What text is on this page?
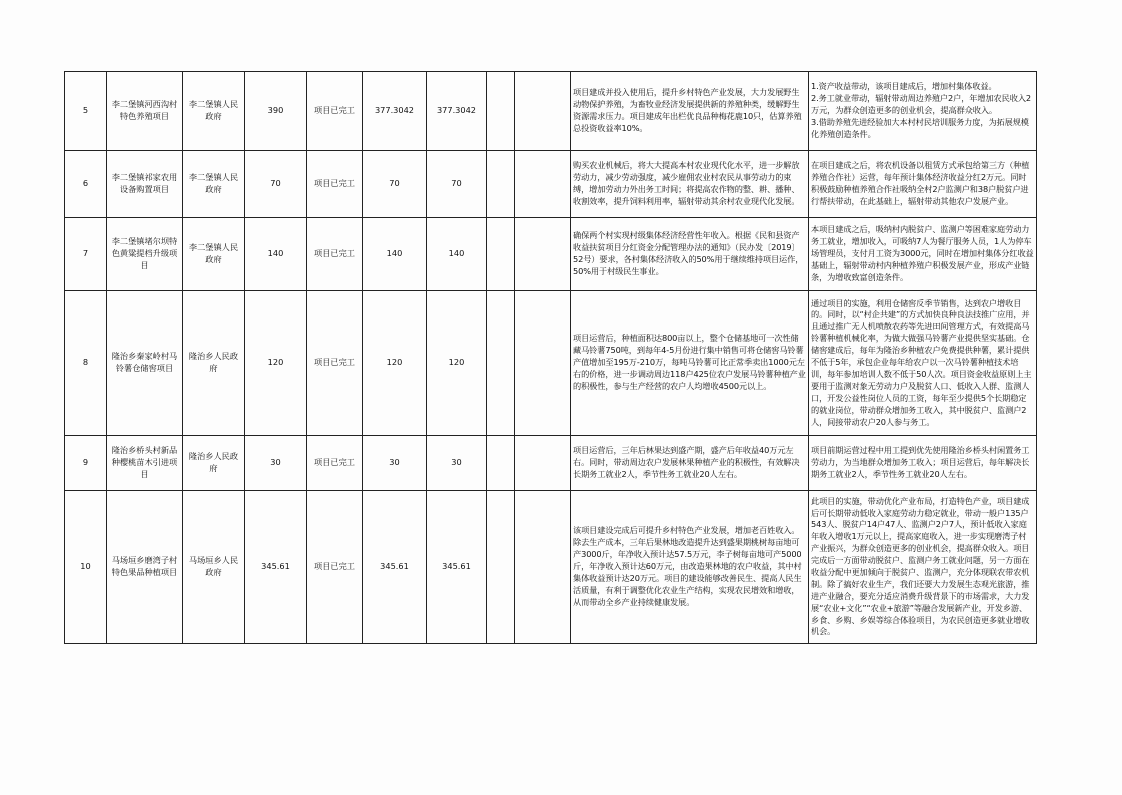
5	李二堡镇河西沟村特色养殖项目	李二堡镇人民政府	390	项目已完工	377.3042	377.3042			项目建成并投入使用后，提升乡村特色产业发展，大力发展野生动物保护养殖，为畜牧业经济发展提供新的养殖种类，缓解野生资源需求压力。项目建成年出栏优良品种梅花鹿10只，估算养殖总投资收益率10%。	1.资产收益带动，该项目建成后，增加村集体收益。
2.务工就业带动，辐射带动周边养殖户2户，年增加农民收入2万元，为群众创造更多的创业机会，提高群众收入。
3.借助养殖先进经验加大本村村民培训服务力度，为拓展规模化养殖创造条件。
6	李二堡镇祁家农用设备购置项目	李二堡镇人民政府	70	项目已完工	70	70			购买农业机械后，将大大提高本村农业现代化水平，进一步解放劳动力，减少劳动强度，减少雇佣农业村农民从事劳动力的束缚，增加劳动力外出务工时间；将提高农作物的整、耕、播种、收割效率，提升饲料利用率，辐射带动其余村农业现代化发展。	在项目建成之后，将农机设备以租赁方式承包给第三方（种植养殖合作社）运营，每年预计集体经济收益分红2万元。同时积极鼓励种植养殖合作社吸纳全村2户监测户和38户脱贫户进行帮扶带动，在此基础上，辐射带动其他农户发展产业。
7	李二堡镇堵尔坝特色黄粱提档升级项目	李二堡镇人民政府	140	项目已完工	140	140			确保两个村实现村级集体经济经营性年收入。根据《民和县资产收益扶贫项目分红资金分配管理办法的通知》（民办发〔2019〕52号）要求，各村集体经济收入的50%用于继续维持项目运作，50%用于村级民生事业。	本项目建成之后，吸纳村内脱贫户、监测户等困难家庭劳动力务工就业，增加收入，可吸纳7人为餐厅服务人员，1人为停车场管理员，支付月工资为3000元，同时在增加村集体分红收益基础上，辐射带动村内种植养殖户积极发展产业，形成产业链条，为增收致富创造条件。
8	隆治乡秦家岭村马铃薯仓储窖项目	隆治乡人民政府	120	项目已完工	120	120			项目运营后，种植面积达800亩以上，整个仓储基地可一次性储藏马铃薯750吨，到每年4-5月份进行集中销售可将仓储窖马铃薯产值增加至195万-210万，每吨马铃薯可比正常季卖出1000元左右的价格，进一步调动周边118户425位农户发展马铃薯种植产业的积极性，参与生产经营的农户人均增收4500元以上。	通过项目的实施，利用仓储窖反季节销售，达到农户增收目的。同时，以“村企共建”的方式加快良种良法技推广应用，并且通过推广无人机喷散农药等先进田间管理方式，有效提高马铃薯种植机械化率，为做大做强马铃薯产业提供坚实基础。仓储窖建成后，每年为隆治乡种植农户免费提供种薯，累计提供不低于5年，承包企业每年给农户以一次马铃薯种植技术培训，每年参加培训人数不低于50人次。项目资金收益原则上主要用于监测对象无劳动力户及脱贫人口、低收入人群、监测人口，开发公益性岗位人员的工资，每年至少提供5个长期稳定的就业岗位，带动群众增加务工收入，其中脱贫户、监测户2人，间接带动农户20人参与务工。
9	隆治乡桥头村新品种樱桃苗木引进项目	隆治乡人民政府	30	项目已完工	30	30			项目运营后，三年后林果达到盛产期，盛产后年收益40万元左右。同时，带动周边农户发展林果种植产业的积极性，有效解决长期务工就业2人，季节性务工就业20人左右。	项目前期运营过程中用工提到优先使用隆治乡桥头村闲置务工劳动力，为当地群众增加务工收入；项目运营后，每年解决长期务工就业2人，季节性务工就业20人左右。
10	马场垣乡磨湾子村特色果品种植项目	马场垣乡人民政府	345.61	项目已完工	345.61	345.61			该项目建设完成后可提升乡村特色产业发展，增加老百姓收入。除去生产成本，三年后果林地改造提升达到盛果期桃树每亩地可产3000斤，年净收入预计达57.5万元，李子树每亩地可产5000斤，年净收入预计达60万元，由改造果林地的农户收益，其中村集体收益预计达20万元。项目的建设能够改善民生、提高人民生活质量，有利于调整优化农业生产结构，实现农民增效和增收，从而带动全乡产业持续健康发展。	此项目的实施，带动优化产业布局，打造特色产业，项目建成后可长期带动低收入家庭劳动力稳定就业，带动一般户135户543人、脱贫户14户47人、监测户2户7人，预计低收入家庭年收入增收1万元以上，提高家庭收入，进一步实现磨湾子村产业振兴，为群众创造更多的创业机会，提高群众收入。项目完成后一方面带动脱贫户、监测户务工就业问题，另一方面在收益分配中更加倾向于脱贫户、监测户，充分体现联农带农机制。除了搞好农业生产，我们还要大力发展生态观光旅游，推进产业融合，要充分适应消费升级背景下的市场需求，大力发展“农业+文化”“农业+旅游”等融合发展新产业，开发乡游、乡食、乡购、乡娱等综合体验项目，为农民创造更多就业增收机会。
